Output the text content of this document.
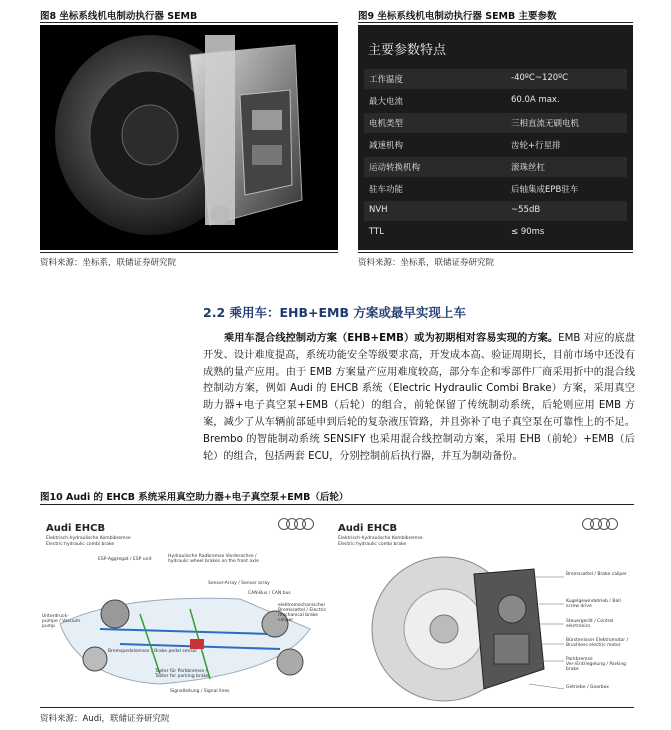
图8 坐标系线机电制动执行器 SEMB
资料来源：坐标系，联储证券研究院
图9 坐标系线机电制动执行器 SEMB 主要参数
主要参数特点
工作温度	-40ºC~120ºC
最大电流	60.0A max.
电机类型	三相直流无刷电机
减速机构	齿轮+行星排
运动转换机构	滚珠丝杠
驻车功能	后轴集成EPB驻车
NVH	~55dB
TTL	≤ 90ms
资料来源：坐标系，联储证券研究院
2.2 乘用车：EHB+EMB 方案或最早实现上车
乘用车混合线控制动方案（EHB+EMB）或为初期相对容易实现的方案。EMB 对应的底盘开发、设计难度提高，系统功能安全等级要求高，开发成本高、验证周期长，目前市场中还没有成熟的量产应用。由于 EMB 方案量产应用难度较高，部分车企和零部件厂商采用折中的混合线控制动方案，例如 Audi 的 EHCB 系统（Electric Hydraulic Combi Brake）方案，采用真空助力器+电子真空泵+EMB（后轮）的组合，前轮保留了传统制动系统，后轮则应用 EMB 方案，减少了从车辆前部延申到后轮的复杂液压管路，并且弥补了电子真空泵在可靠性上的不足。Brembo 的智能制动系统 SENSIFY 也采用混合线控制动方案，采用 EHB（前轮）+EMB（后轮）的组合，包括两套 ECU，分别控制前后执行器，并互为制动备份。
图10 Audi 的 EHCB 系统采用真空助力器+电子真空泵+EMB（后轮）
Audi EHCB
Elektrisch-hydraulische Kombibremse
Electric hydraulic combi brake
ESP-Aggregat / ESP unit
Hydraulische Radbremse Vorderachse / hydraulic wheel brakes on the front axle
Sensor-Array / Sensor array
CAN-Bus / CAN bus
elektromechanischer Bremssattel / Electric mechanical brake caliper
Unterdruck-pumpe / Vacuum pump
Bremspedalsensor / Brake pedal sensor
Taster für Parkbremse / Taster for parking brake
Signalleitung / Signal lines
Audi EHCB
Elektrisch-hydraulische Kombibremse
Electric hydraulic combi brake
Bremssattel / Brake caliper
Kugelgewindetrieb / Ball screw drive
Steuergerät / Control electronics
Bürstenloser Elektromotor / Brushless electric motor
Parkbremse Ver-/Entriegelung / Parking brake
Getriebe / Gearbox
资料来源：Audi，联储证券研究院
